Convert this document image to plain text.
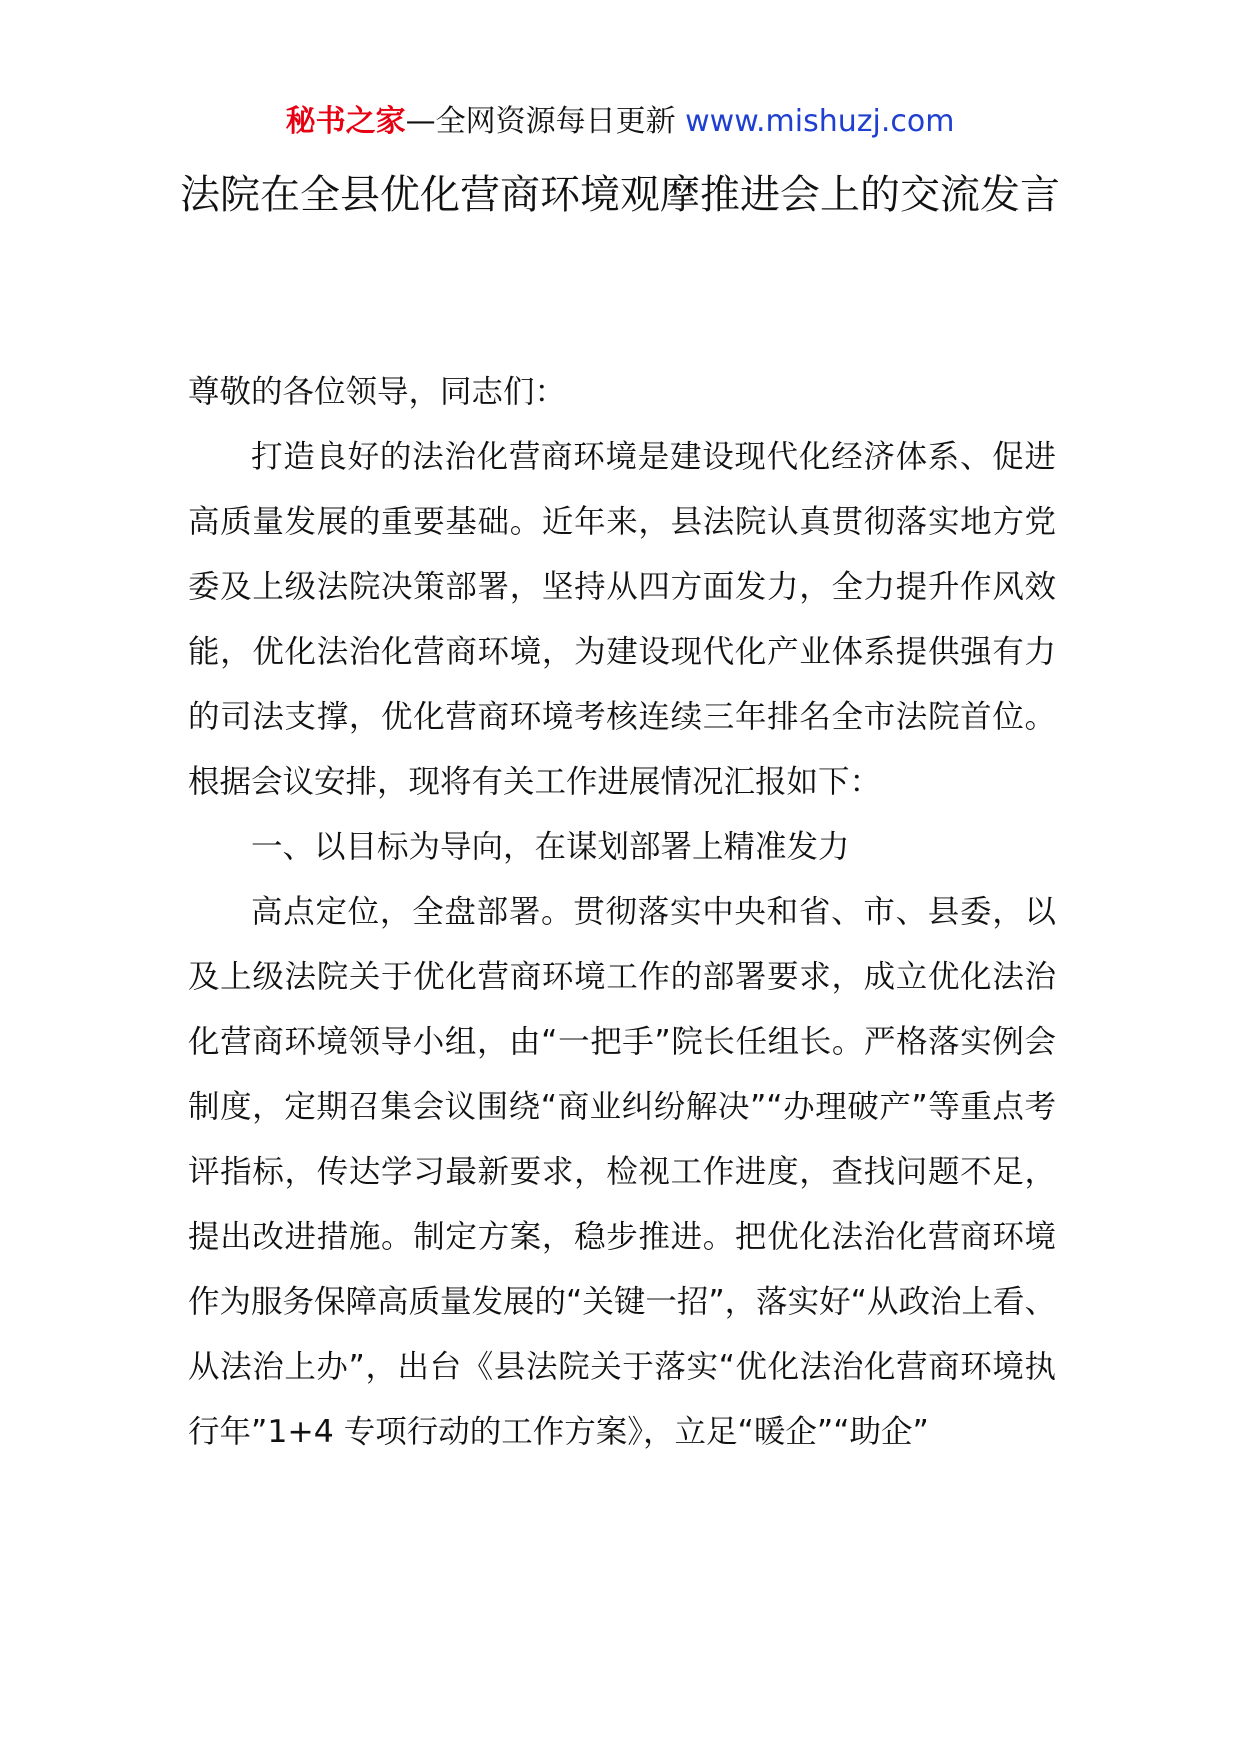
秘书之家—全网资源每日更新 www.mishuzj.com
法院在全县优化营商环境观摩推进会上的交流发言

尊敬的各位领导，同志们：

打造良好的法治化营商环境是建设现代化经济体系、促进高质量发展的重要基础。近年来，县法院认真贯彻落实地方党委及上级法院决策部署，坚持从四方面发力，全力提升作风效能，优化法治化营商环境，为建设现代化产业体系提供强有力的司法支撑，优化营商环境考核连续三年排名全市法院首位。根据会议安排，现将有关工作进展情况汇报如下：

一、以目标为导向，在谋划部署上精准发力

高点定位，全盘部署。贯彻落实中央和省、市、县委，以及上级法院关于优化营商环境工作的部署要求，成立优化法治化营商环境领导小组，由“一把手”院长任组长。严格落实例会制度，定期召集会议围绕“商业纠纷解决”“办理破产”等重点考评指标，传达学习最新要求，检视工作进度，查找问题不足，提出改进措施。制定方案，稳步推进。把优化法治化营商环境作为服务保障高质量发展的“关键一招”，落实好“从政治上看、从法治上办”，出台《县法院关于落实“优化法治化营商环境执行年”1+4 专项行动的工作方案》，立足“暖企”“助企”
